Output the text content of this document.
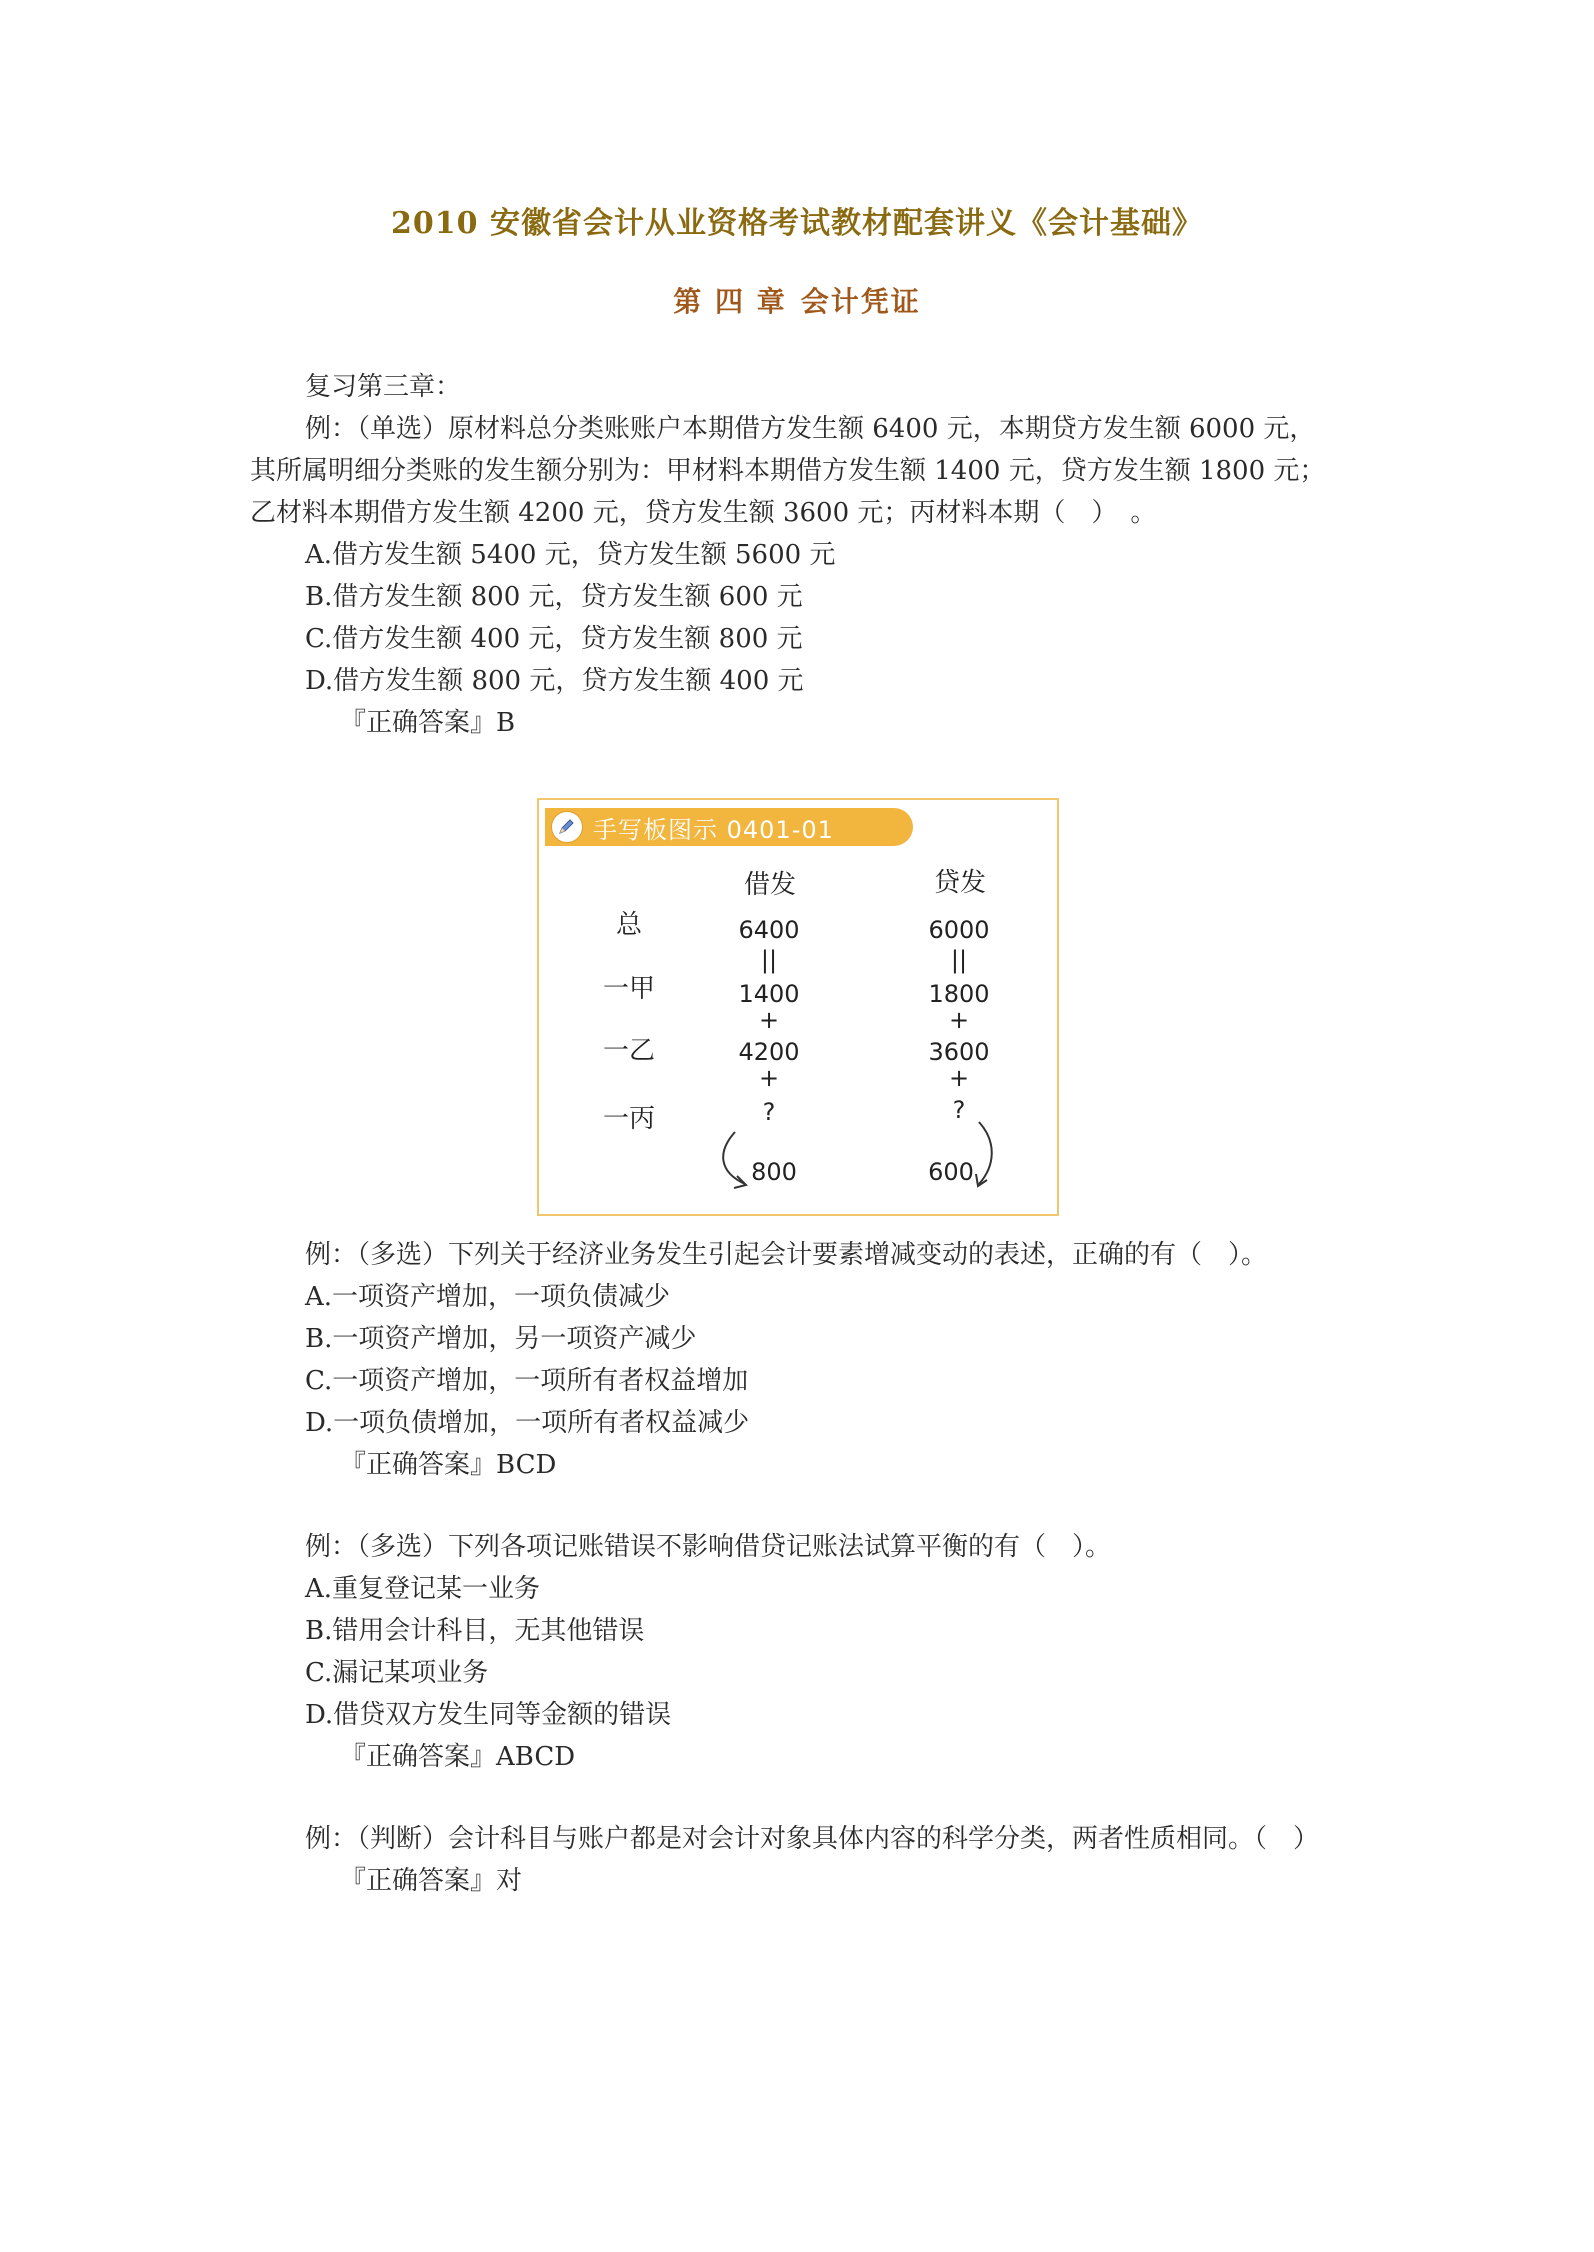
2010 安徽省会计从业资格考试教材配套讲义《会计基础》
第 四 章 会计凭证
复习第三章：
例：（单选）原材料总分类账账户本期借方发生额 6400 元，本期贷方发生额 6000 元，
其所属明细分类账的发生额分别为：甲材料本期借方发生额 1400 元，贷方发生额 1800 元；
乙材料本期借方发生额 4200 元，贷方发生额 3600 元；丙材料本期（　）　。
A.借方发生额 5400 元，贷方发生额 5600 元
B.借方发生额 800 元，贷方发生额 600 元
C.借方发生额 400 元，贷方发生额 800 元
D.借方发生额 800 元，贷方发生额 400 元
『正确答案』B
手写板图示 0401-01
借发	贷发
总
一甲
一乙
一丙
6400
||
1400
+
4200
+
?
800
6000
||
1800
+
3600
+
?
600
例：（多选）下列关于经济业务发生引起会计要素增减变动的表述，正确的有（　）。
A.一项资产增加，一项负债减少
B.一项资产增加，另一项资产减少
C.一项资产增加，一项所有者权益增加
D.一项负债增加，一项所有者权益减少
『正确答案』BCD
例：（多选）下列各项记账错误不影响借贷记账法试算平衡的有（　）。
A.重复登记某一业务
B.错用会计科目，无其他错误
C.漏记某项业务
D.借贷双方发生同等金额的错误
『正确答案』ABCD
例：（判断）会计科目与账户都是对会计对象具体内容的科学分类，两者性质相同。（　）
『正确答案』对
